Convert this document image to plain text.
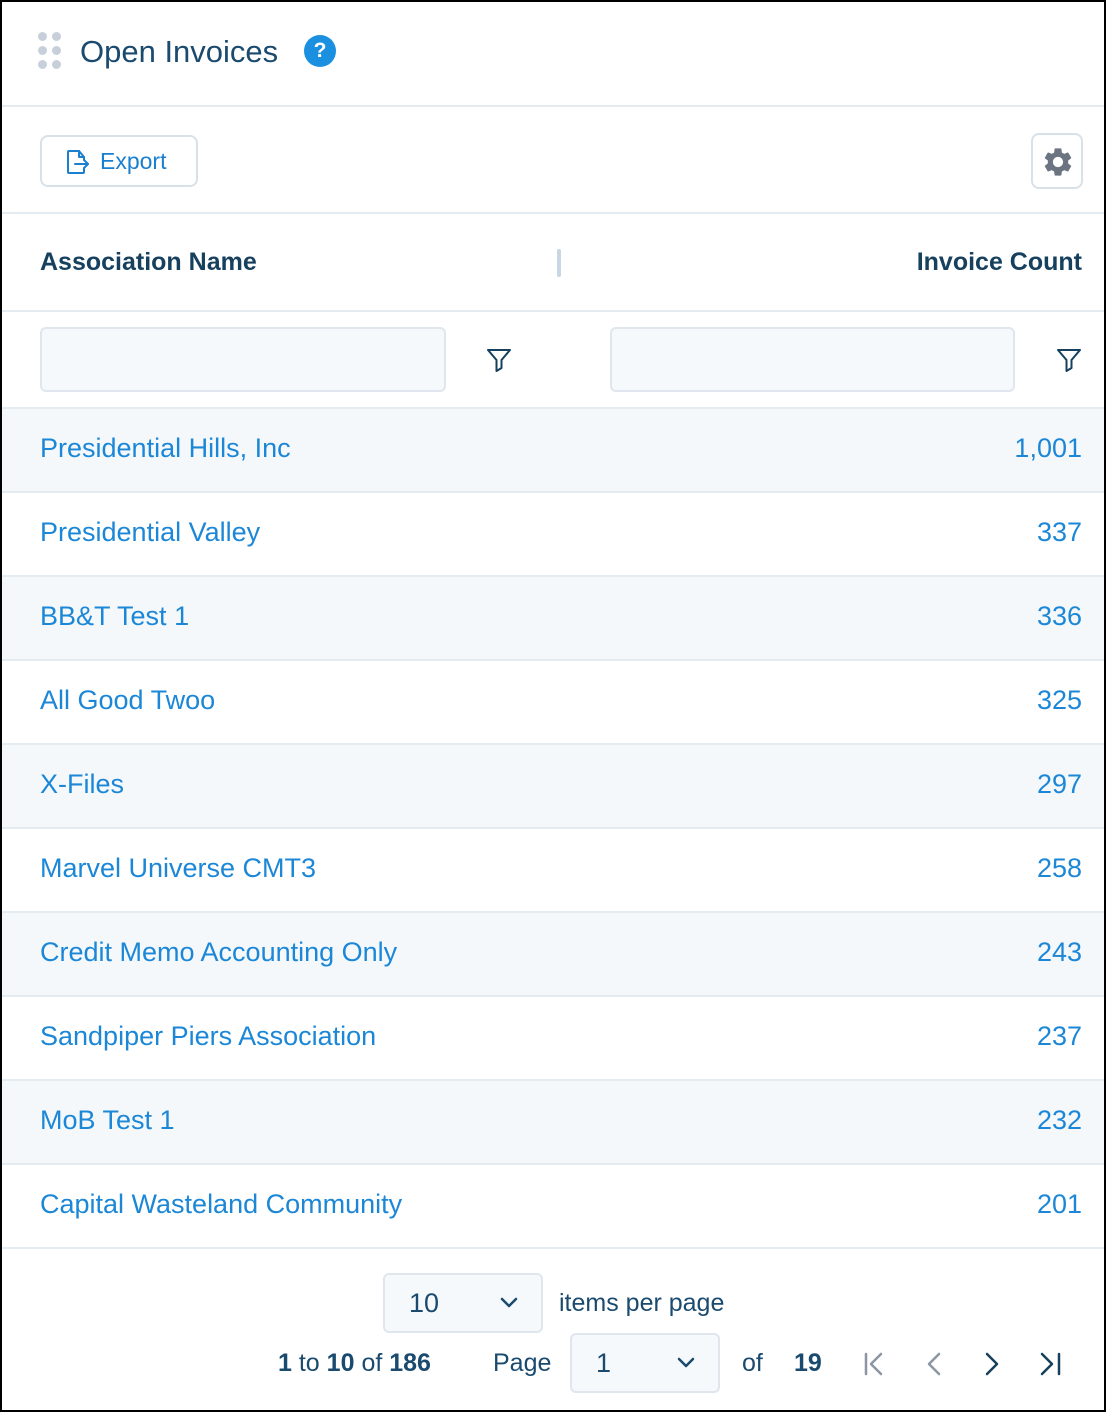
Open Invoices	?
Export
Association Name	Invoice Count
Presidential Hills, Inc	1,001
Presidential Valley	337
BB&T Test 1	336
All Good Twoo	325
X-Files	297
Marvel Universe CMT3	258
Credit Memo Accounting Only	243
Sandpiper Piers Association	237
MoB Test 1	232
Capital Wasteland Community	201
10	items per page
1 to 10 of 186 Page	1	of 19
